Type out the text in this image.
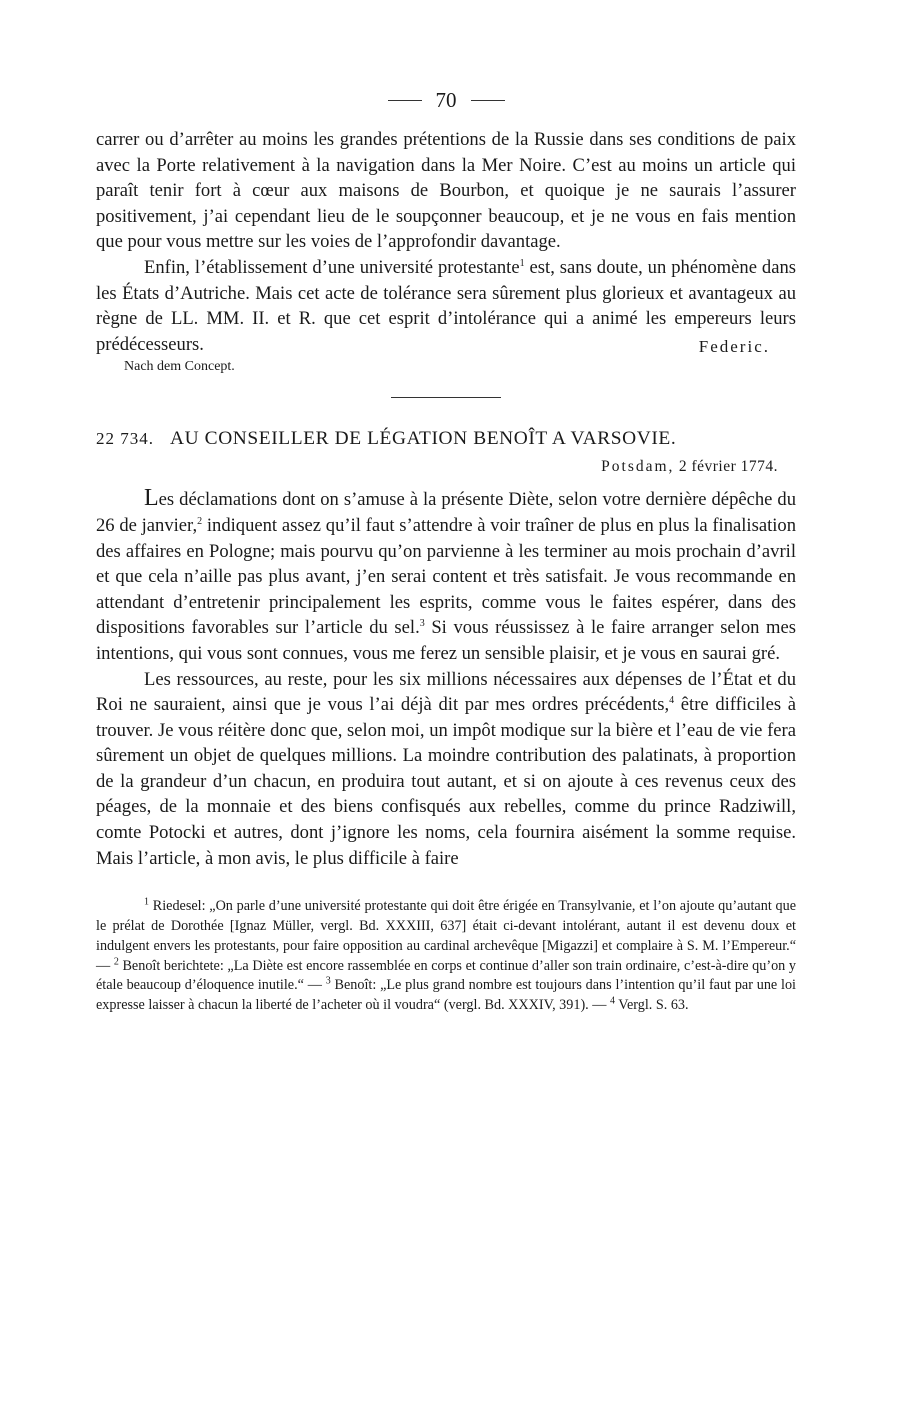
70

carrer ou d’arrêter au moins les grandes prétentions de la Russie dans ses conditions de paix avec la Porte relativement à la navigation dans la Mer Noire. C’est au moins un article qui paraît tenir fort à cœur aux maisons de Bourbon, et quoique je ne saurais l’assurer positivement, j’ai cependant lieu de le soupçonner beaucoup, et je ne vous en fais mention que pour vous mettre sur les voies de l’approfondir davantage.

Enfin, l’établissement d’une université protestante$^1$ est, sans doute, un phénomène dans les États d’Autriche. Mais cet acte de tolérance sera sûrement plus glorieux et avantageux au règne de LL. MM. II. et R. que cet esprit d’intolérance qui a animé les empereurs leurs prédécesseurs.

Nach dem Concept.
Federic.
22 734. AU CONSEILLER DE LÉGATION BENOÎT A VARSOVIE.
Potsdam, 2 février 1774.

Les déclamations dont on s’amuse à la présente Diète, selon votre dernière dépêche du 26 de janvier,$^2$ indiquent assez qu’il faut s’attendre à voir traîner de plus en plus la finalisation des affaires en Pologne; mais pourvu qu’on parvienne à les terminer au mois prochain d’avril et que cela n’aille pas plus avant, j’en serai content et très satisfait. Je vous recommande en attendant d’entretenir principalement les esprits, comme vous le faites espérer, dans des dispositions favorables sur l’article du sel.$^3$ Si vous réussissez à le faire arranger selon mes intentions, qui vous sont connues, vous me ferez un sensible plaisir, et je vous en saurai gré.

Les ressources, au reste, pour les six millions nécessaires aux dépenses de l’État et du Roi ne sauraient, ainsi que je vous l’ai déjà dit par mes ordres précédents,$^4$ être difficiles à trouver. Je vous réitère donc que, selon moi, un impôt modique sur la bière et l’eau de vie fera sûrement un objet de quelques millions. La moindre contribution des palatinats, à proportion de la grandeur d’un chacun, en produira tout autant, et si on ajoute à ces revenus ceux des péages, de la monnaie et des biens confisqués aux rebelles, comme du prince Radziwill, comte Potocki et autres, dont j’ignore les noms, cela fournira aisément la somme requise. Mais l’article, à mon avis, le plus difficile à faire

$^1$ Riedesel: „On parle d’une université protestante qui doit être érigée en Transylvanie, et l’on ajoute qu’autant que le prélat de Dorothée [Ignaz Müller, vergl. Bd. XXXIII, 637] était ci-devant intolérant, autant il est devenu doux et indulgent envers les protestants, pour faire opposition au cardinal archevêque [Migazzi] et complaire à S. M. l’Empereur.“ — $^2$ Benoît berichtete: „La Diète est encore rassemblée en corps et continue d’aller son train ordinaire, c’est-à-dire qu’on y étale beaucoup d’éloquence inutile.“ — $^3$ Benoît: „Le plus grand nombre est toujours dans l’intention qu’il faut par une loi expresse laisser à chacun la liberté de l’acheter où il voudra“ (vergl. Bd. XXXIV, 391). — $^4$ Vergl. S. 63.
